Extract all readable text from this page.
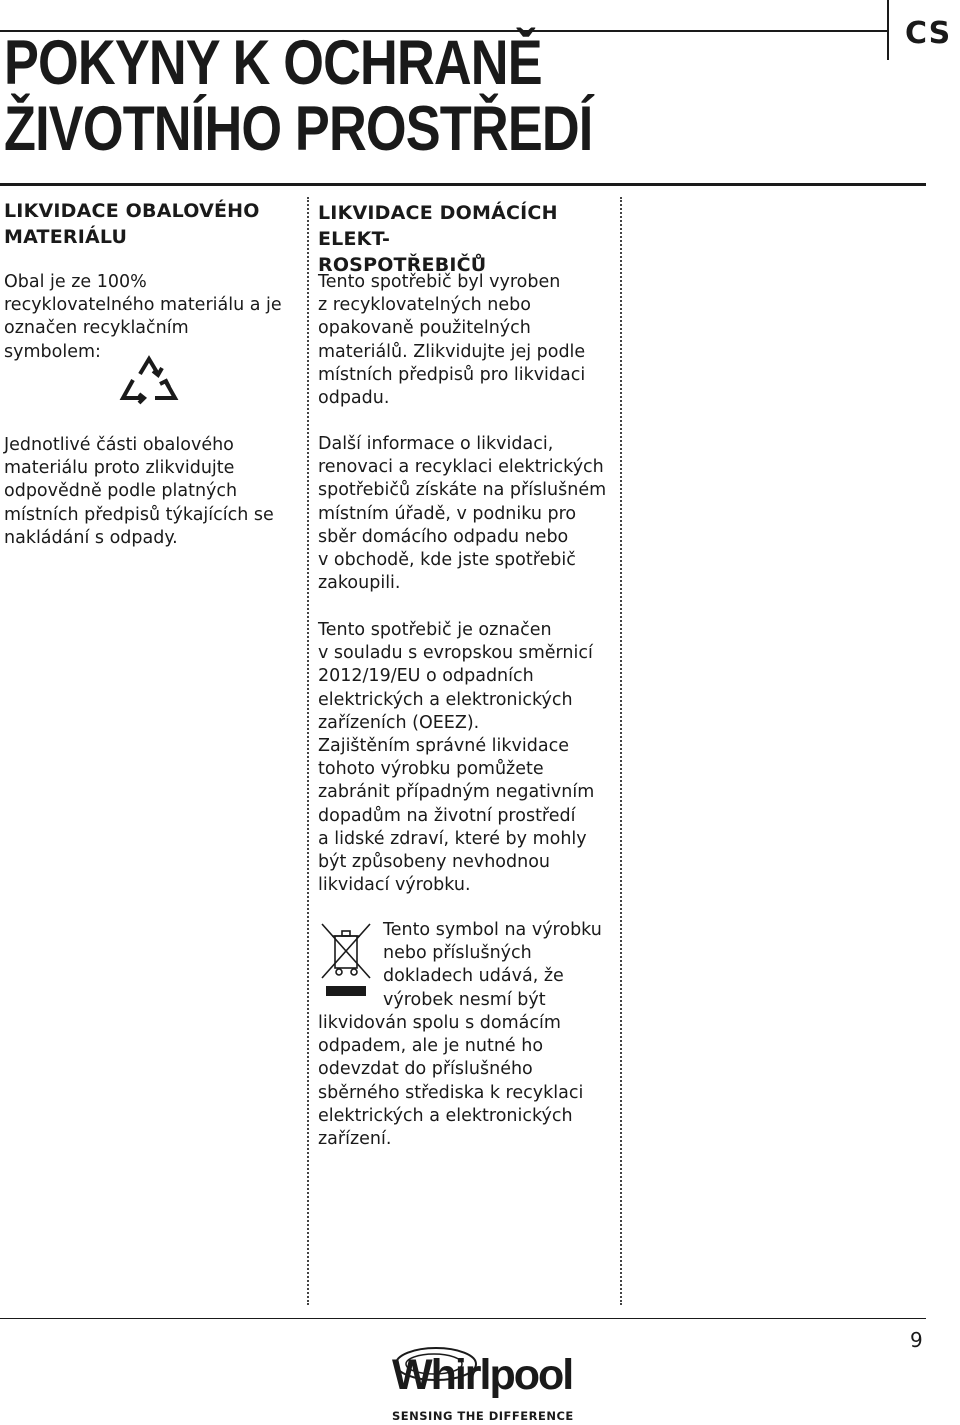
CS
POKYNY K OCHRANĚ
ŽIVOTNÍHO PROSTŘEDÍ
LIKVIDACE OBALOVÉHO
MATERIÁLU
Obal je ze 100%
recyklovatelného materiálu a je
označen recyklačním symbolem:
Jednotlivé části obalového
materiálu proto zlikvidujte
odpovědně podle platných
místních předpisů týkajících se
nakládání s odpady.
LIKVIDACE DOMÁCÍCH ELEKT-
ROSPOTŘEBIČŮ
Tento spotřebič byl vyroben
z recyklovatelných nebo
opakovaně použitelných
materiálů. Zlikvidujte jej podle
místních předpisů pro likvidaci
odpadu.
Další informace o likvidaci,
renovaci a recyklaci elektrických
spotřebičů získáte na příslušném
místním úřadě, v podniku pro
sběr domácího odpadu nebo
v obchodě, kde jste spotřebič
zakoupili.
Tento spotřebič je označen
v souladu s evropskou směrnicí
2012/19/EU o odpadních
elektrických a elektronických
zařízeních (OEEZ).
Zajištěním správné likvidace
tohoto výrobku pomůžete
zabránit případným negativním
dopadům na životní prostředí
a lidské zdraví, které by mohly
být způsobeny nevhodnou
likvidací výrobku.
Tento symbol na výrobku
nebo příslušných
dokladech udává, že
výrobek nesmí být
likvidován spolu s domácím
odpadem, ale je nutné ho
odevzdat do příslušného
sběrného střediska k recyklaci
elektrických a elektronických
zařízení.
9
Whirlpool
SENSING THE DIFFERENCE
